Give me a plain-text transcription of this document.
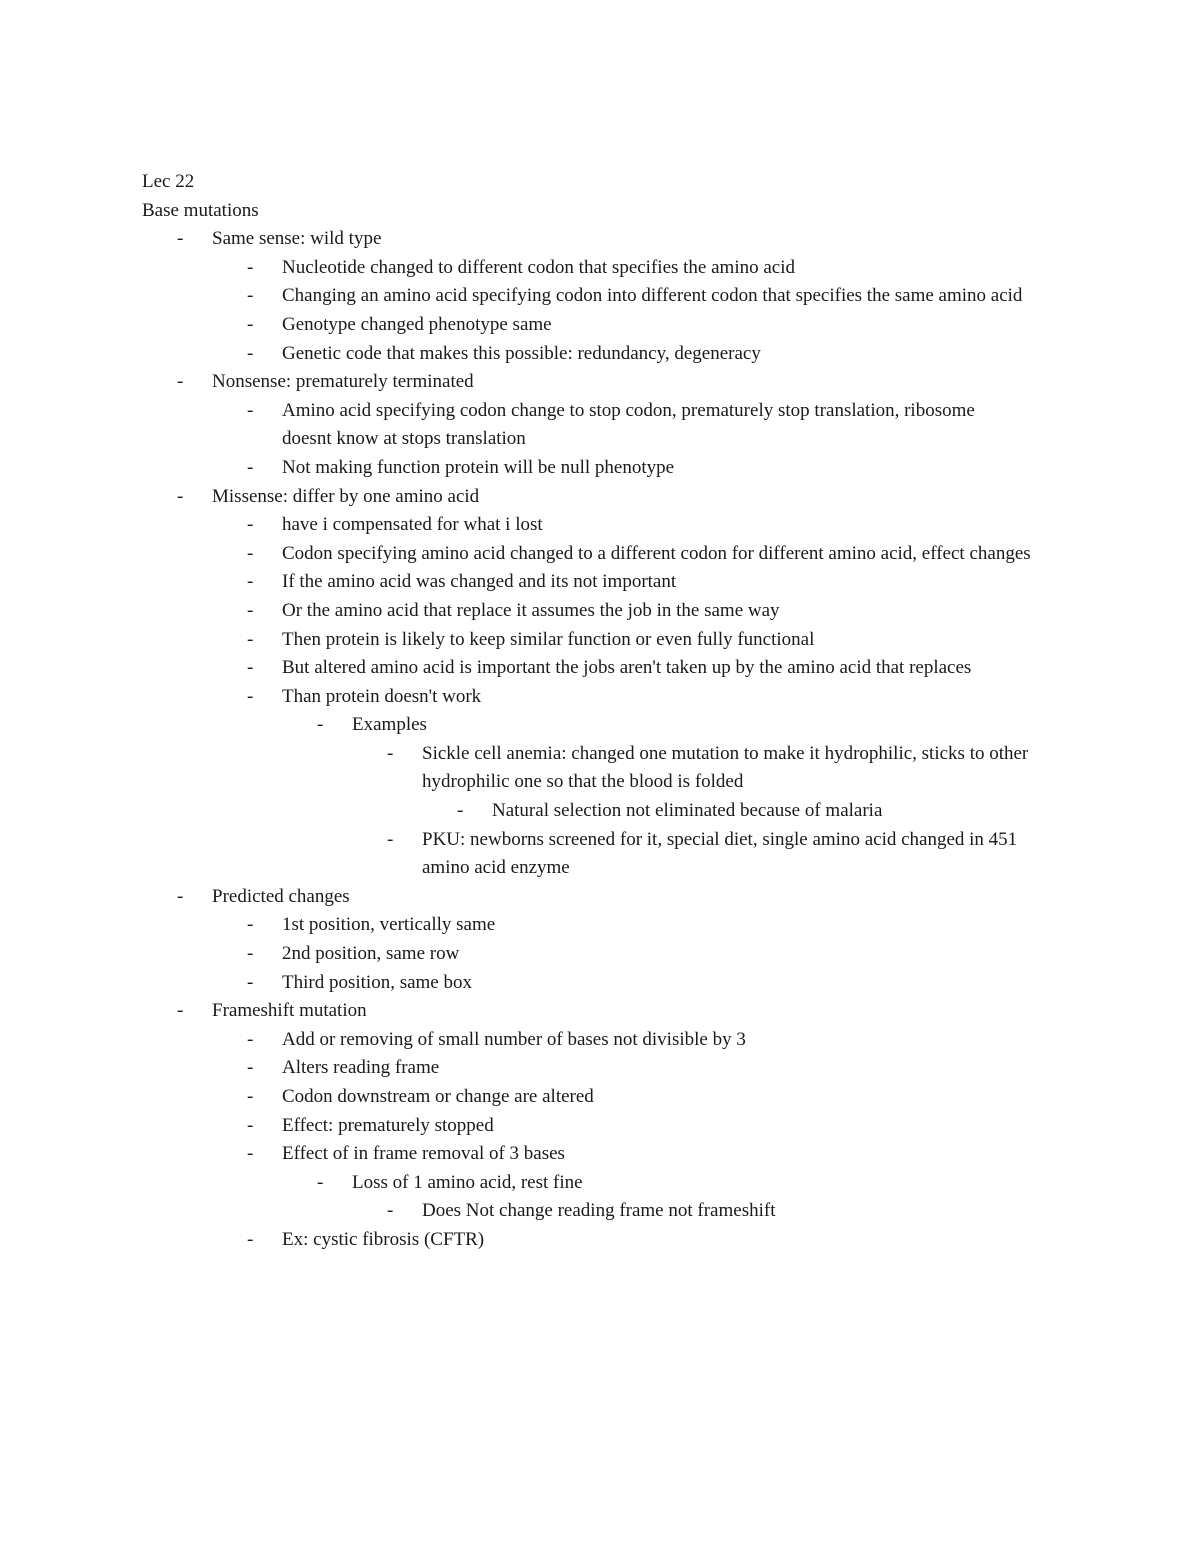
Lec 22
Base mutations
- Same sense: wild type
- Nucleotide changed to different codon that specifies the amino acid
- Changing an amino acid specifying codon into different codon that specifies the same amino acid
- Genotype changed phenotype same
- Genetic code that makes this possible: redundancy, degeneracy
- Nonsense: prematurely terminated
- Amino acid specifying codon change to stop codon, prematurely stop translation, ribosome doesnt know at stops translation
- Not making function protein will be null phenotype
- Missense: differ by one amino acid
- have i compensated for what i lost
- Codon specifying amino acid changed to a different codon for different amino acid, effect changes
- If the amino acid was changed and its not important
- Or the amino acid that replace it assumes the job in the same way
- Then protein is likely to keep similar function or even fully functional
- But altered amino acid is important the jobs aren't taken up by the amino acid that replaces
- Than protein doesn't work
- Examples
- Sickle cell anemia: changed one mutation to make it hydrophilic, sticks to other hydrophilic one so that the blood is folded
- Natural selection not eliminated because of malaria
- PKU: newborns screened for it, special diet, single amino acid changed in 451 amino acid enzyme
- Predicted changes
- 1st position, vertically same
- 2nd position, same row
- Third position, same box
- Frameshift mutation
- Add or removing of small number of bases not divisible by 3
- Alters reading frame
- Codon downstream or change are altered
- Effect: prematurely stopped
- Effect of in frame removal of 3 bases
- Loss of 1 amino acid, rest fine
- Does Not change reading frame not frameshift
- Ex: cystic fibrosis (CFTR)
